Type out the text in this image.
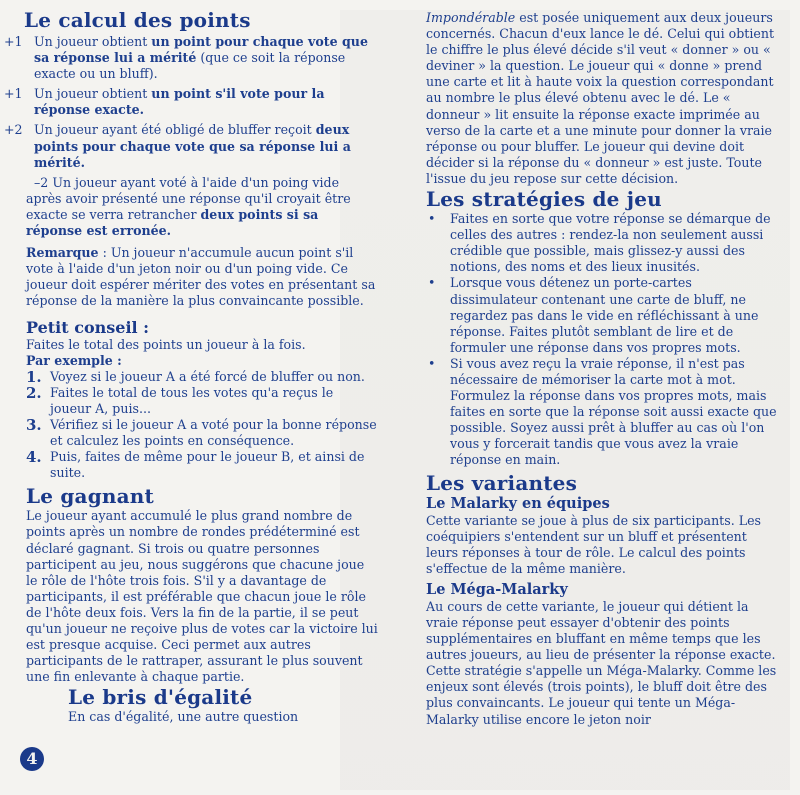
Le calcul des points
+1 Un joueur obtient un point pour chaque vote que sa réponse lui a mérité (que ce soit la réponse exacte ou un bluff).
+1 Un joueur obtient un point s'il vote pour la réponse exacte.
+2 Un joueur ayant été obligé de bluffer reçoit deux points pour chaque vote que sa réponse lui a mérité.

–2 Un joueur ayant voté à l'aide d'un poing vide après avoir présenté une réponse qu'il croyait être exacte se verra retrancher deux points si sa réponse est erronée.

Remarque : Un joueur n'accumule aucun point s'il vote à l'aide d'un jeton noir ou d'un poing vide. Ce joueur doit espérer mériter des votes en présentant sa réponse de la manière la plus convaincante possible.

Petit conseil :

Faites le total des points un joueur à la fois.

Par exemple :

1. Voyez si le joueur A a été forcé de bluffer ou non.
2. Faites le total de tous les votes qu'a reçus le joueur A, puis...
3. Vérifiez si le joueur A a voté pour la bonne réponse et calculez les points en conséquence.
4. Puis, faites de même pour le joueur B, et ainsi de suite.
Le gagnant

Le joueur ayant accumulé le plus grand nombre de points après un nombre de rondes prédéterminé est déclaré gagnant. Si trois ou quatre personnes participent au jeu, nous suggérons que chacune joue le rôle de l'hôte trois fois. S'il y a davantage de participants, il est préférable que chacun joue le rôle de l'hôte deux fois. Vers la fin de la partie, il se peut qu'un joueur ne reçoive plus de votes car la victoire lui est presque acquise. Ceci permet aux autres participants de le rattraper, assurant le plus souvent une fin enlevante à chaque partie.

Le bris d'égalité

En cas d'égalité, une autre question

Impondérable est posée uniquement aux deux joueurs concernés. Chacun d'eux lance le dé. Celui qui obtient le chiffre le plus élevé décide s'il veut « donner » ou « deviner » la question. Le joueur qui « donne » prend une carte et lit à haute voix la question correspondant au nombre le plus élevé obtenu avec le dé. Le « donneur » lit ensuite la réponse exacte imprimée au verso de la carte et a une minute pour donner la vraie réponse ou pour bluffer. Le joueur qui devine doit décider si la réponse du « donneur » est juste. Toute l'issue du jeu repose sur cette décision.

Les stratégies de jeu
•	Faites en sorte que votre réponse se démarque de celles des autres : rendez-la non seulement aussi crédible que possible, mais glissez-y aussi des notions, des noms et des lieux inusités.
•	Lorsque vous détenez un porte-cartes dissimulateur contenant une carte de bluff, ne regardez pas dans le vide en réfléchissant à une réponse. Faites plutôt semblant de lire et de formuler une réponse dans vos propres mots.
•	Si vous avez reçu la vraie réponse, il n'est pas nécessaire de mémoriser la carte mot à mot. Formulez la réponse dans vos propres mots, mais faites en sorte que la réponse soit aussi exacte que possible. Soyez aussi prêt à bluffer au cas où l'on vous y forcerait tandis que vous avez la vraie réponse en main.
Les variantes
Le Malarky en équipes

Cette variante se joue à plus de six participants. Les coéquipiers s'entendent sur un bluff et présentent leurs réponses à tour de rôle. Le calcul des points s'effectue de la même manière.

Le Méga-Malarky

Au cours de cette variante, le joueur qui détient la vraie réponse peut essayer d'obtenir des points supplémentaires en bluffant en même temps que les autres joueurs, au lieu de présenter la réponse exacte. Cette stratégie s'appelle un Méga-Malarky. Comme les enjeux sont élevés (trois points), le bluff doit être des plus convaincants. Le joueur qui tente un Méga-Malarky utilise encore le jeton noir

4
